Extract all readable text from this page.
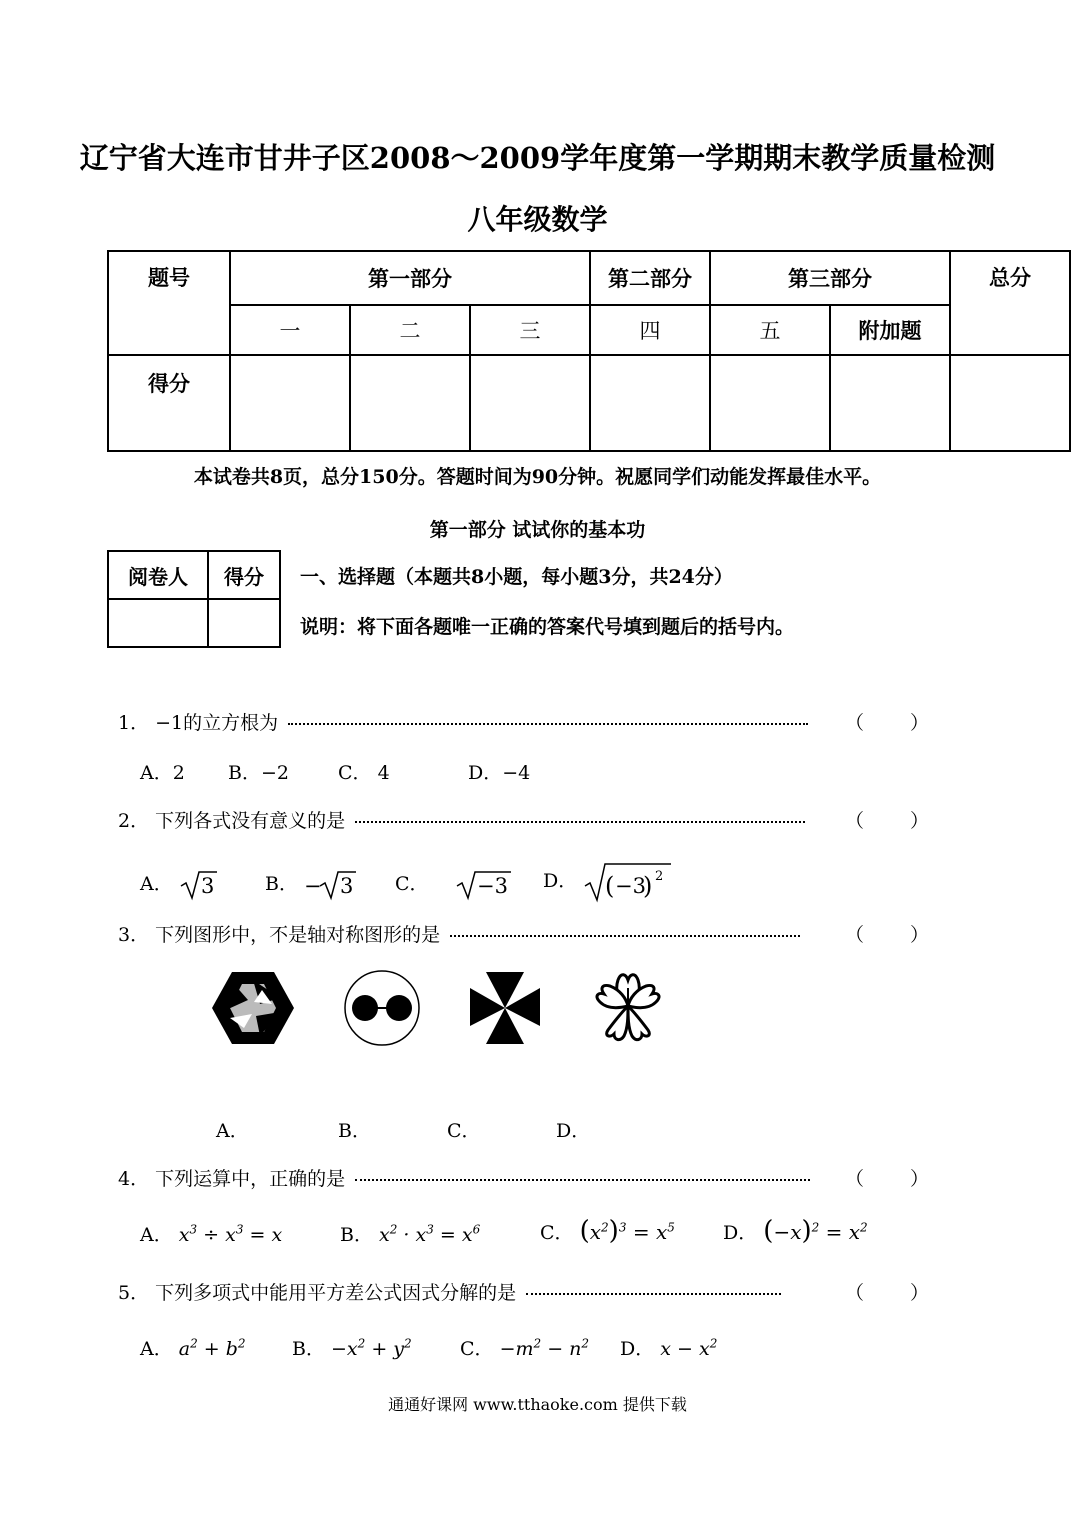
辽宁省大连市甘井子区2008～2009学年度第一学期期末教学质量检测
八年级数学
题号	第一部分			第二部分	第三部分		总分
	一	二	三	四	五	附加题	
得分							
本试卷共8页，总分150分。答题时间为90分钟。祝愿同学们动能发挥最佳水平。
第一部分 试试你的基本功
阅卷人	得分
	一、选择题（本题共8小题，每小题3分，共24分）
说明：将下面各题唯一正确的答案代号填到题后的括号内。
1． −1的立方根为	（ ）
A．2 B．−2	C． 4	D．−4
2． 下列各式没有意义的是	（ ）
A． 3	B． − 3 C． −3 D． ( −3
) 2
3． 下列图形中，不是轴对称图形的是	（ ）
A．	B．	C．	D．
4． 下列运算中，正确的是	（ ）
A． $x^3 \div x^3 = x$	B． $x^2 \cdot x^3 = x^6$	C． $(x^2)^3 = x^5$	D． $(-x)^2 = x^2$
5． 下列多项式中能用平方差公式因式分解的是	（ ）
A． $a^2 + b^2$ B． $-x^2 + y^2$	C． $-m^2 - n^2$ D． $x - x^2$
通通好课网 www.tthaoke.com 提供下载
